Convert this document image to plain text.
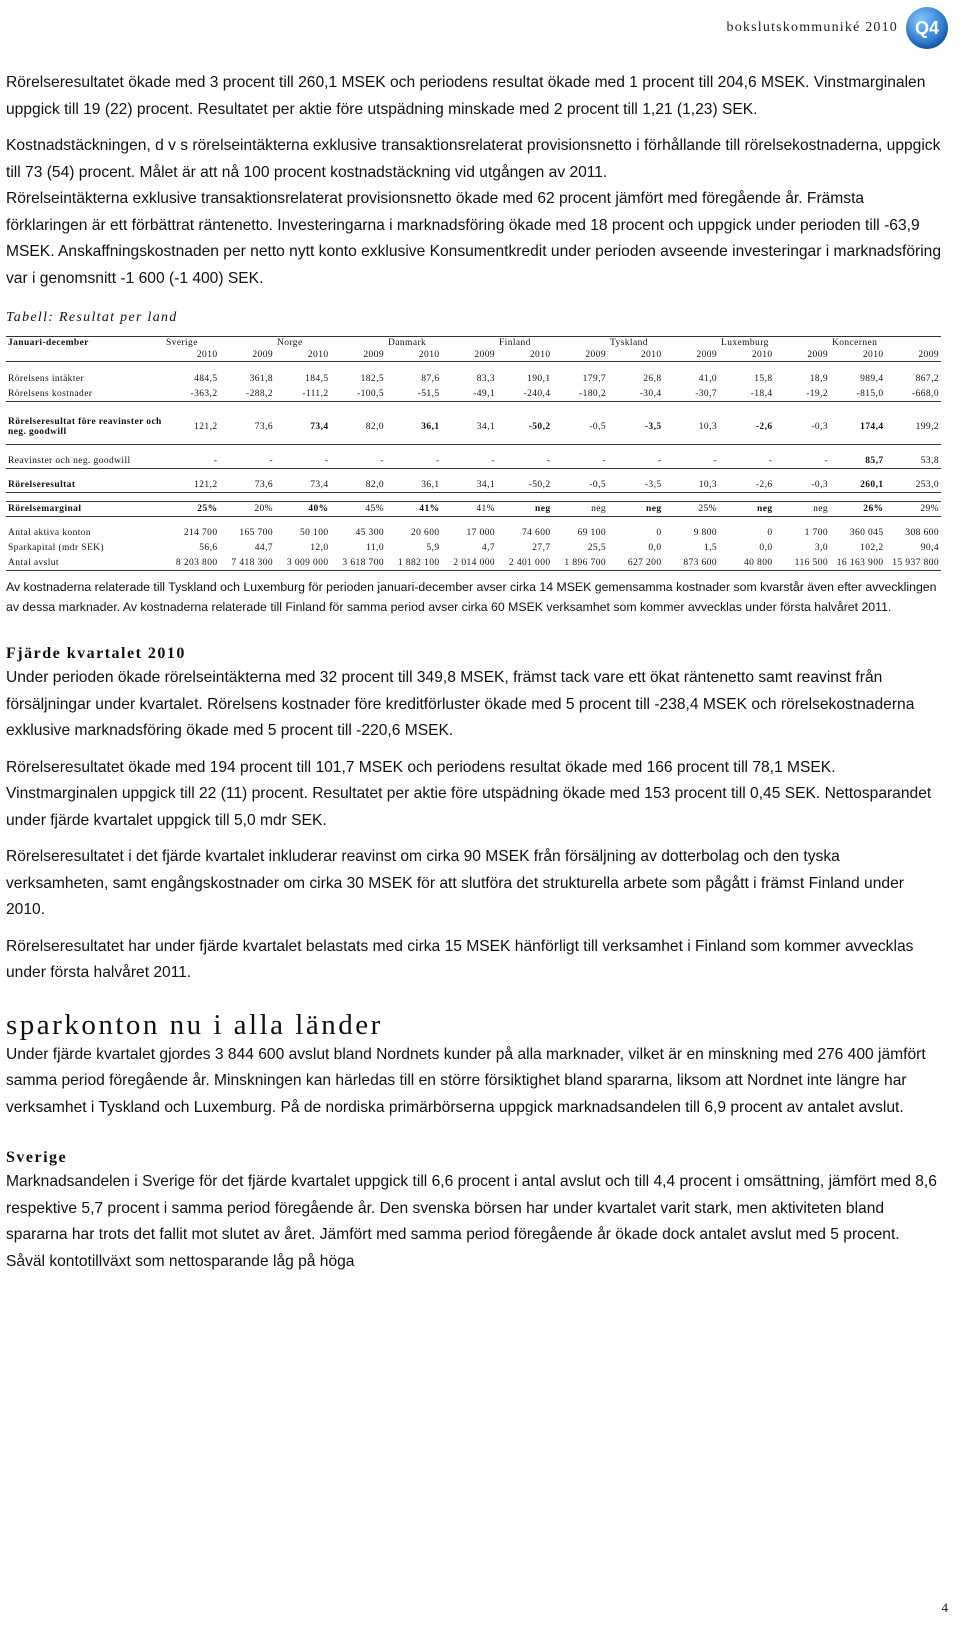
bokslutskommuniké 2010 Q4

Rörelseresultatet ökade med 3 procent till 260,1 MSEK och periodens resultat ökade med 1 procent till 204,6 MSEK. Vinstmarginalen uppgick till 19 (22) procent. Resultatet per aktie före utspädning minskade med 2 procent till 1,21 (1,23) SEK.

Kostnadstäckningen, d v s rörelseintäkterna exklusive transaktionsrelaterat provisionsnetto i förhållande till rörelsekostnaderna, uppgick till 73 (54) procent. Målet är att nå 100 procent kostnadstäckning vid utgången av 2011.

Rörelseintäkterna exklusive transaktionsrelaterat provisionsnetto ökade med 62 procent jämfört med föregående år. Främsta förklaringen är ett förbättrat räntenetto. Investeringarna i marknadsföring ökade med 18 procent och uppgick under perioden till -63,9 MSEK. Anskaffningskostnaden per netto nytt konto exklusive Konsumentkredit under perioden avseende investeringar i marknadsföring var i genomsnitt -1 600 (-1 400) SEK.

Tabell: Resultat per land
Januari-december	Sverige		Norge		Danmark		Finland		Tyskland		Luxemburg		Koncernen	
	2010	2009	2010	2009	2010	2009	2010	2009	2010	2009	2010	2009	2010	2009

Rörelsens intäkter	484,5	361,8	184,5	182,5	87,6	83,3	190,1	179,7	26,8	41,0	15,8	18,9	989,4	867,2
Rörelsens kostnader	-363,2	-288,2	-111,2	-100,5	-51,5	-49,1	-240,4	-180,2	-30,4	-30,7	-18,4	-19,2	-815,0	-668,0

Rörelseresultat före reavinster och neg. goodwill	121,2	73,6	73,4	82,0	36,1	34,1	-50,2	-0,5	-3,5	10,3	-2,6	-0,3	174,4	199,2

Reavinster och neg. goodwill	-	-	-	-	-	-	-	-	-	-	-	-	85,7	53,8

Rörelseresultat	121,2	73,6	73,4	82,0	36,1	34,1	-50,2	-0,5	-3,5	10,3	-2,6	-0,3	260,1	253,0

Rörelsemarginal	25%	20%	40%	45%	41%	41%	neg	neg	neg	25%	neg	neg	26%	29%

Antal aktiva konton	214 700	165 700	50 100	45 300	20 600	17 000	74 600	69 100	0	9 800	0	1 700	360 045	308 600
Sparkapital (mdr SEK)	56,6	44,7	12,0	11,0	5,9	4,7	27,7	25,5	0,0	1,5	0,0	3,0	102,2	90,4
Antal avslut	8 203 800	7 418 300	3 009 000	3 618 700	1 882 100	2 014 000	2 401 000	1 896 700	627 200	873 600	40 800	116 500	16 163 900	15 937 800

Av kostnaderna relaterade till Tyskland och Luxemburg för perioden januari-december avser cirka 14 MSEK gemensamma kostnader som kvarstår även efter avvecklingen av dessa marknader. Av kostnaderna relaterade till Finland för samma period avser cirka 60 MSEK verksamhet som kommer avvecklas under första halvåret 2011.

Fjärde kvartalet 2010

Under perioden ökade rörelseintäkterna med 32 procent till 349,8 MSEK, främst tack vare ett ökat räntenetto samt reavinst från försäljningar under kvartalet. Rörelsens kostnader före kreditförluster ökade med 5 procent till -238,4 MSEK och rörelsekostnaderna exklusive marknadsföring ökade med 5 procent till -220,6 MSEK.

Rörelseresultatet ökade med 194 procent till 101,7 MSEK och periodens resultat ökade med 166 procent till 78,1 MSEK. Vinstmarginalen uppgick till 22 (11) procent. Resultatet per aktie före utspädning ökade med 153 procent till 0,45 SEK. Nettosparandet under fjärde kvartalet uppgick till 5,0 mdr SEK.

Rörelseresultatet i det fjärde kvartalet inkluderar reavinst om cirka 90 MSEK från försäljning av dotterbolag och den tyska verksamheten, samt engångskostnader om cirka 30 MSEK för att slutföra det strukturella arbete som pågått i främst Finland under 2010.

Rörelseresultatet har under fjärde kvartalet belastats med cirka 15 MSEK hänförligt till verksamhet i Finland som kommer avvecklas under första halvåret 2011.

sparkonton nu i alla länder

Under fjärde kvartalet gjordes 3 844 600 avslut bland Nordnets kunder på alla marknader, vilket är en minskning med 276 400 jämfört samma period föregående år. Minskningen kan härledas till en större försiktighet bland spararna, liksom att Nordnet inte längre har verksamhet i Tyskland och Luxemburg. På de nordiska primärbörserna uppgick marknadsandelen till 6,9 procent av antalet avslut.

Sverige

Marknadsandelen i Sverige för det fjärde kvartalet uppgick till 6,6 procent i antal avslut och till 4,4 procent i omsättning, jämfört med 8,6 respektive 5,7 procent i samma period föregående år. Den svenska börsen har under kvartalet varit stark, men aktiviteten bland spararna har trots det fallit mot slutet av året. Jämfört med samma period föregående år ökade dock antalet avslut med 5 procent. Såväl kontotillväxt som nettosparande låg på höga

4
